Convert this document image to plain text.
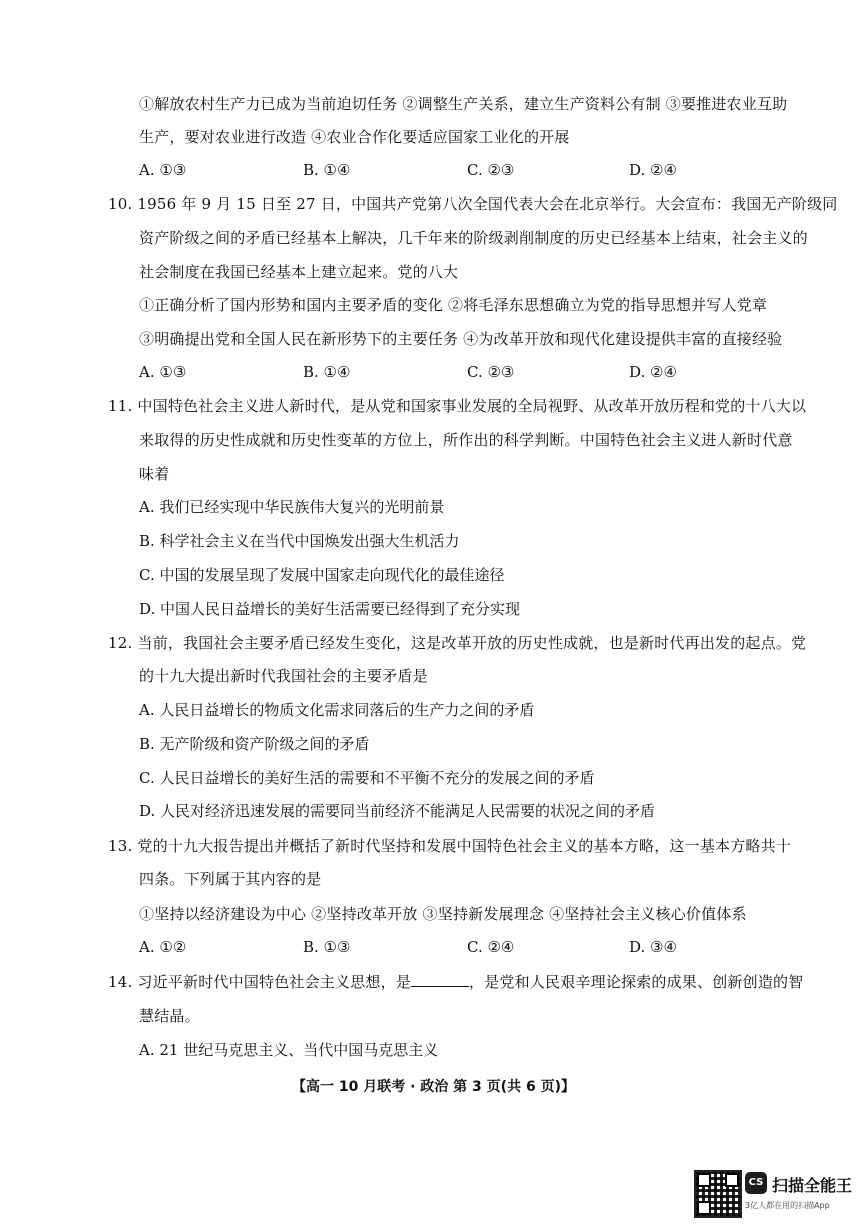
①解放农村生产力已成为当前迫切任务 ②调整生产关系，建立生产资料公有制 ③要推进农业互助
生产，要对农业进行改造 ④农业合作化要适应国家工业化的开展
A. ①③	B. ①④	C. ②③	D. ②④
10. 1956 年 9 月 15 日至 27 日，中国共产党第八次全国代表大会在北京举行。大会宣布：我国无产阶级同
资产阶级之间的矛盾已经基本上解决，几千年来的阶级剥削制度的历史已经基本上结束，社会主义的
社会制度在我国已经基本上建立起来。党的八大
①正确分析了国内形势和国内主要矛盾的变化 ②将毛泽东思想确立为党的指导思想并写人党章
③明确提出党和全国人民在新形势下的主要任务 ④为改革开放和现代化建设提供丰富的直接经验
A. ①③	B. ①④	C. ②③	D. ②④
11. 中国特色社会主义进人新时代，是从党和国家事业发展的全局视野、从改革开放历程和党的十八大以
来取得的历史性成就和历史性变革的方位上，所作出的科学判断。中国特色社会主义进人新时代意
味着
A. 我们已经实现中华民族伟大复兴的光明前景
B. 科学社会主义在当代中国焕发出强大生机活力
C. 中国的发展呈现了发展中国家走向现代化的最佳途径
D. 中国人民日益增长的美好生活需要已经得到了充分实现
12. 当前，我国社会主要矛盾已经发生变化，这是改革开放的历史性成就，也是新时代再出发的起点。党
的十九大提出新时代我国社会的主要矛盾是
A. 人民日益增长的物质文化需求同落后的生产力之间的矛盾
B. 无产阶级和资产阶级之间的矛盾
C. 人民日益增长的美好生活的需要和不平衡不充分的发展之间的矛盾
D. 人民对经济迅速发展的需要同当前经济不能满足人民需要的状况之间的矛盾
13. 党的十九大报告提出并概括了新时代坚持和发展中国特色社会主义的基本方略，这一基本方略共十
四条。下列属于其内容的是
①坚持以经济建设为中心 ②坚持改革开放 ③坚持新发展理念 ④坚持社会主义核心价值体系
A. ①②	B. ①③	C. ②④	D. ③④
14. 习近平新时代中国特色社会主义思想，是	，是党和人民艰辛理论探索的成果、创新创造的智
慧结晶。
A. 21 世纪马克思主义、当代中国马克思主义
【高一 10 月联考 · 政治 第 3 页(共 6 页)】
CS 扫描全能王
3亿人都在用的扫描App
